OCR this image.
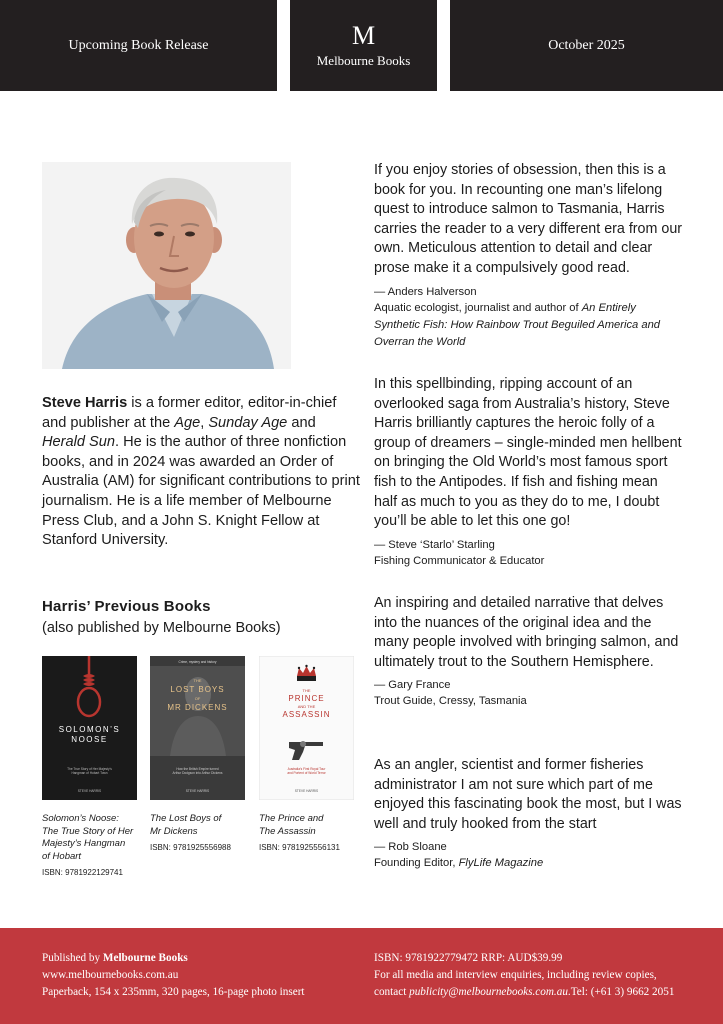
Upcoming Book Release	M
Melbourne Books
October 2025
Steve Harris is a former editor, editor-in-chief and publisher at the Age, Sunday Age and Herald Sun. He is the author of three nonfiction books, and in 2024 was awarded an Order of Australia (AM) for significant contributions to print journalism. He is a life member of Melbourne Press Club, and a John S. Knight Fellow at Stanford University.
Harris’ Previous Books
(also published by Melbourne Books)
SOLOMON’S
NOOSE
The True Story of Her Majesty’s
Hangman of Hobart Town
STEVE HARRIS
Solomon’s Noose:
The True Story of Her
Majesty’s Hangman
of Hobart
ISBN: 9781922129741
Crime, mystery and history
THE
LOST BOYS
OF
MR DICKENS
How the British Empire turned
Arthur Dodgson into Arthur Dickens
STEVE HARRIS
The Lost Boys of
Mr Dickens
ISBN: 9781925556988
THE
PRINCE
AND THE
ASSASSIN
Australia’s First Royal Tour
and Portent of World Terror
STEVE HARRIS
The Prince and
The Assassin
ISBN: 9781925556131

If you enjoy stories of obsession, then this is a book for you. In recounting one man’s lifelong quest to introduce salmon to Tasmania, Harris carries the reader to a very different era from our own. Meticulous attention to detail and clear prose make it a compulsively good read.

— Anders Halverson

Aquatic ecologist, journalist and author of An Entirely Synthetic Fish: How Rainbow Trout Beguiled America and Overran the World

In this spellbinding, ripping account of an overlooked saga from Australia’s history, Steve Harris brilliantly captures the heroic folly of a group of dreamers – single-minded men hellbent on bringing the Old World’s most famous sport fish to the Antipodes. If fish and fishing mean half as much to you as they do to me, I doubt you’ll be able to let this one go!

— Steve ‘Starlo’ Starling

Fishing Communicator & Educator

An inspiring and detailed narrative that delves into the nuances of the original idea and the many people involved with bringing salmon, and ultimately trout to the Southern Hemisphere.

— Gary France

Trout Guide, Cressy, Tasmania

As an angler, scientist and former fisheries administrator I am not sure which part of me enjoyed this fascinating book the most, but I was well and truly hooked from the start

— Rob Sloane

Founding Editor, FlyLife Magazine

Published by Melbourne Books
www.melbournebooks.com.au
Paperback, 154 x 235mm, 320 pages, 16-page photo insert
ISBN: 9781922779472 RRP: AUD$39.99
For all media and interview enquiries, including review copies,
contact publicity@melbournebooks.com.au.Tel: (+61 3) 9662 2051
